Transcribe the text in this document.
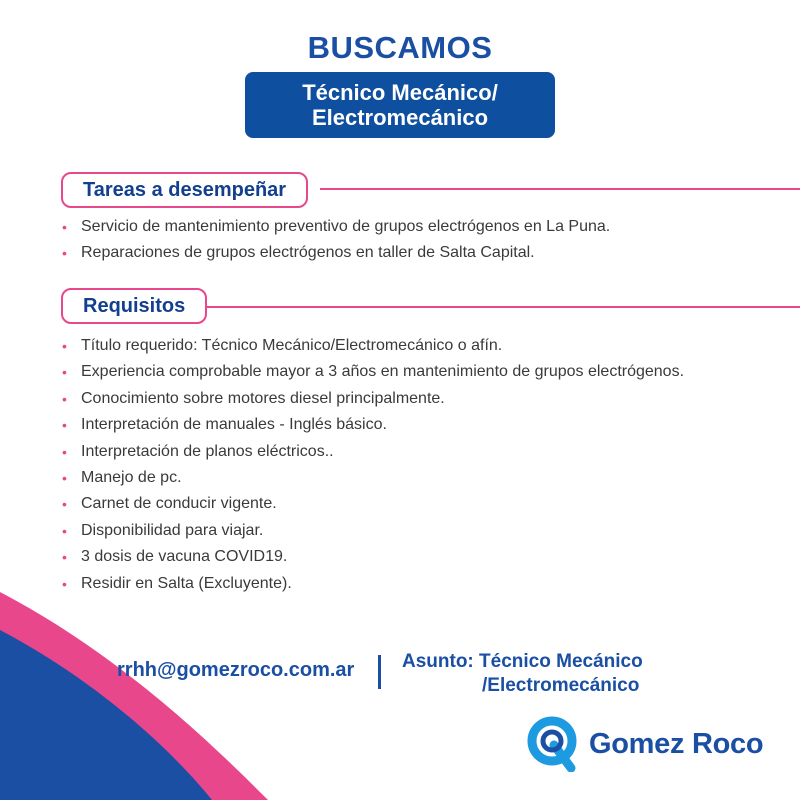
BUSCAMOS
Técnico Mecánico/
Electromecánico
Tareas a desempeñar
• Servicio de mantenimiento preventivo de grupos electrógenos en La Puna.
• Reparaciones de grupos electrógenos en taller de Salta Capital.
Requisitos
• Título requerido: Técnico Mecánico/Electromecánico o afín.
• Experiencia comprobable mayor a 3 años en mantenimiento de grupos electrógenos.
• Conocimiento sobre motores diesel principalmente.
• Interpretación de manuales - Inglés básico.
• Interpretación de planos eléctricos..
• Manejo de pc.
• Carnet de conducir vigente.
• Disponibilidad para viajar.
• 3 dosis de vacuna COVID19.
• Residir en Salta (Excluyente).
rrhh@gomezroco.com.ar	Asunto: Técnico Mecánico
/Electromecánico
Gomez Roco
